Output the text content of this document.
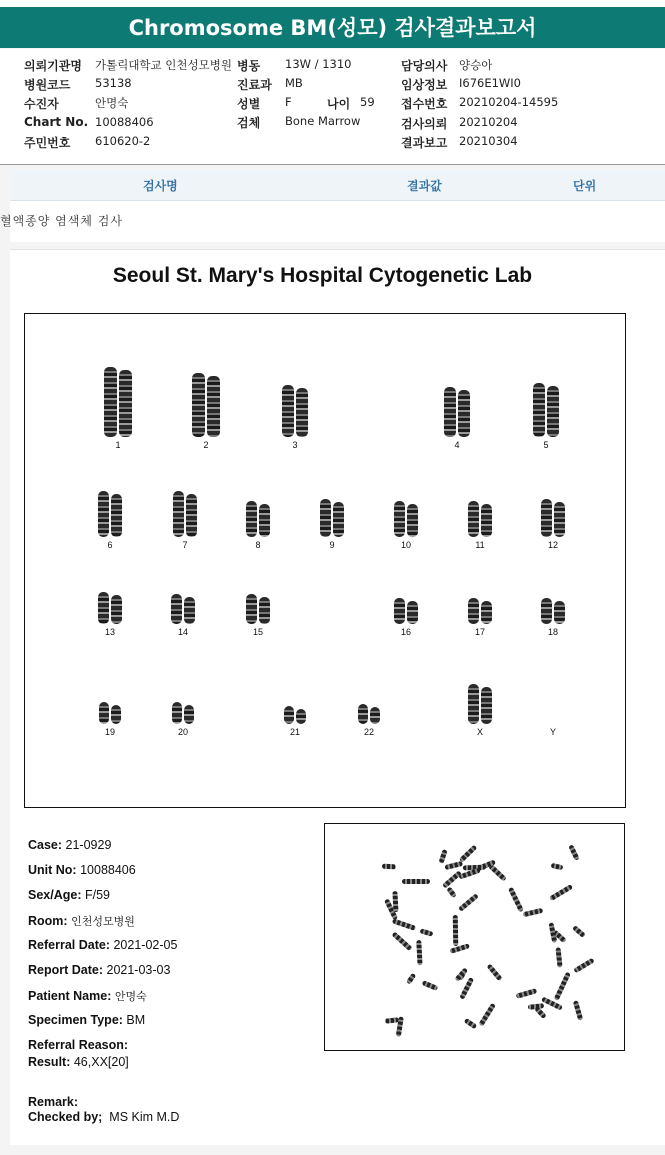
Chromosome BM(성모) 검사결과보고서
의뢰기관명 가톨릭대학교 인천성모병원 병동 13W / 1310	담당의사 양승아
병원코드 53138	진료과 MB	임상정보 I676E1WI0
수진자	안명숙	성별 F	나이 59 접수번호 20210204-14595
Chart No. 10088406	검체 Bone Marrow	검사의뢰 20210204
주민번호 610620-2	결과보고 20210304
검사명	결과값	단위
혈액종양 염색체 검사
Seoul St. Mary's Hospital Cytogenetic Lab
1	2	3	4	5
6	7	8	9	10	11	12
13	14	15	16	17	18
19	20	21	22	X	Y
Case: 21-0929
Unit No: 10088406
Sex/Age: F/59
Room: 인천성모병원
Referral Date: 2021-02-05
Report Date: 2021-03-03
Patient Name: 안명숙
Specimen Type: BM
Referral Reason:
Result: 46,XX[20]
Remark:
Checked by; MS Kim M.D
